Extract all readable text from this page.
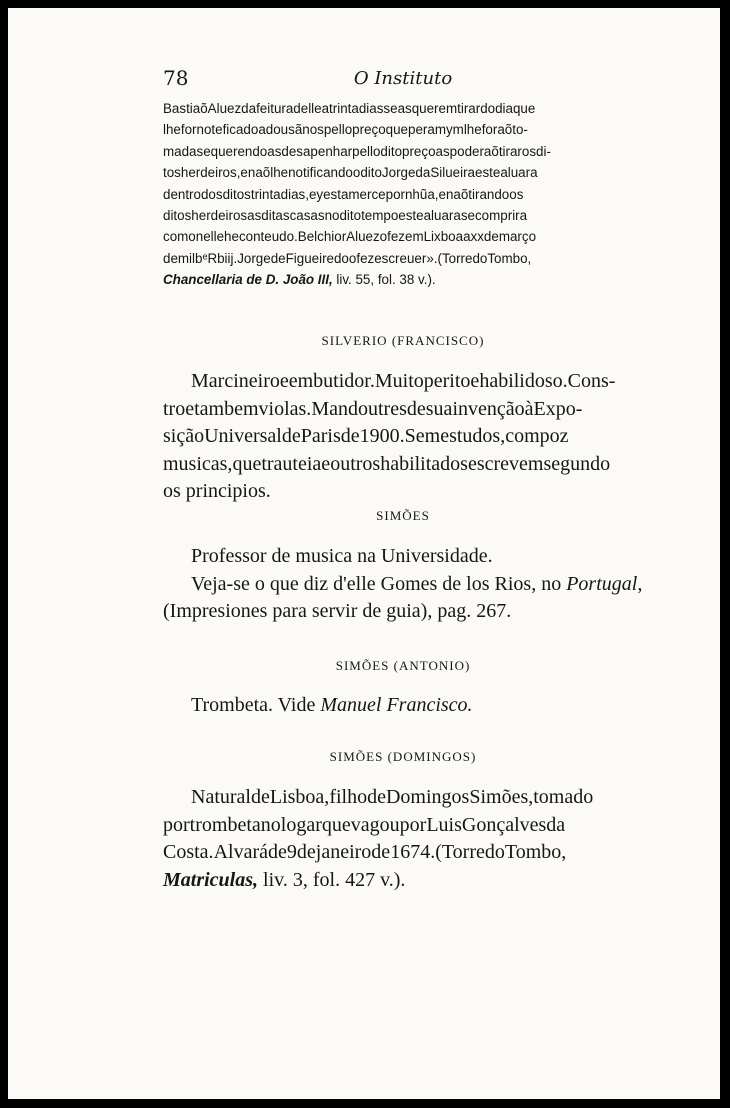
78	O Instituto

BastiaõAluezdafeituradelleatrintadiasseasqueremtirardodiaque
lhefornoteficadoadousãnospellopreçoqueperamymlheforaõto-
madasequerendoasdesapenharpelloditopreçoaspoderaõtirarosdi-
tosherdeiros,enaõlhenotificandooditoJorgedaSilueiraestealuara
dentrodosditostrintadias,eyestamercepornhũa,enaõtirandoos
ditosherdeirosasditascasasnoditotempoestealuarasecomprira
comonelleheconteudo.BelchiorAluezofezemLixboaaxxdemarço
demilbᵉRbiij.JorgedeFigueiredoofezescreuer».(TorredoTombo,
Chancellaria de D. João III, liv. 55, fol. 38 v.).

SILVERIO (FRANCISCO)
Marcineiroeembutidor.Muitoperitoehabilidoso.Cons-
troetambemviolas.MandoutresdesuainvençãoàExpo-
siçãoUniversaldeParisde1900.Semestudos,compoz
musicas,quetrauteiaeoutroshabilitadosescrevemsegundo
os principios.
SIMÕES
Professor de musica na Universidade.
Veja-se o que diz d'elle Gomes de los Rios, no Portugal,
(Impresiones para servir de guia), pag. 267.
SIMÕES (ANTONIO)
Trombeta. Vide Manuel Francisco.
SIMÕES (DOMINGOS)
NaturaldeLisboa,filhodeDomingosSimões,tomado
portrombetanologarquevagouporLuisGonçalvesda
Costa.Alvaráde9dejaneirode1674.(TorredoTombo,
Matriculas, liv. 3, fol. 427 v.).
